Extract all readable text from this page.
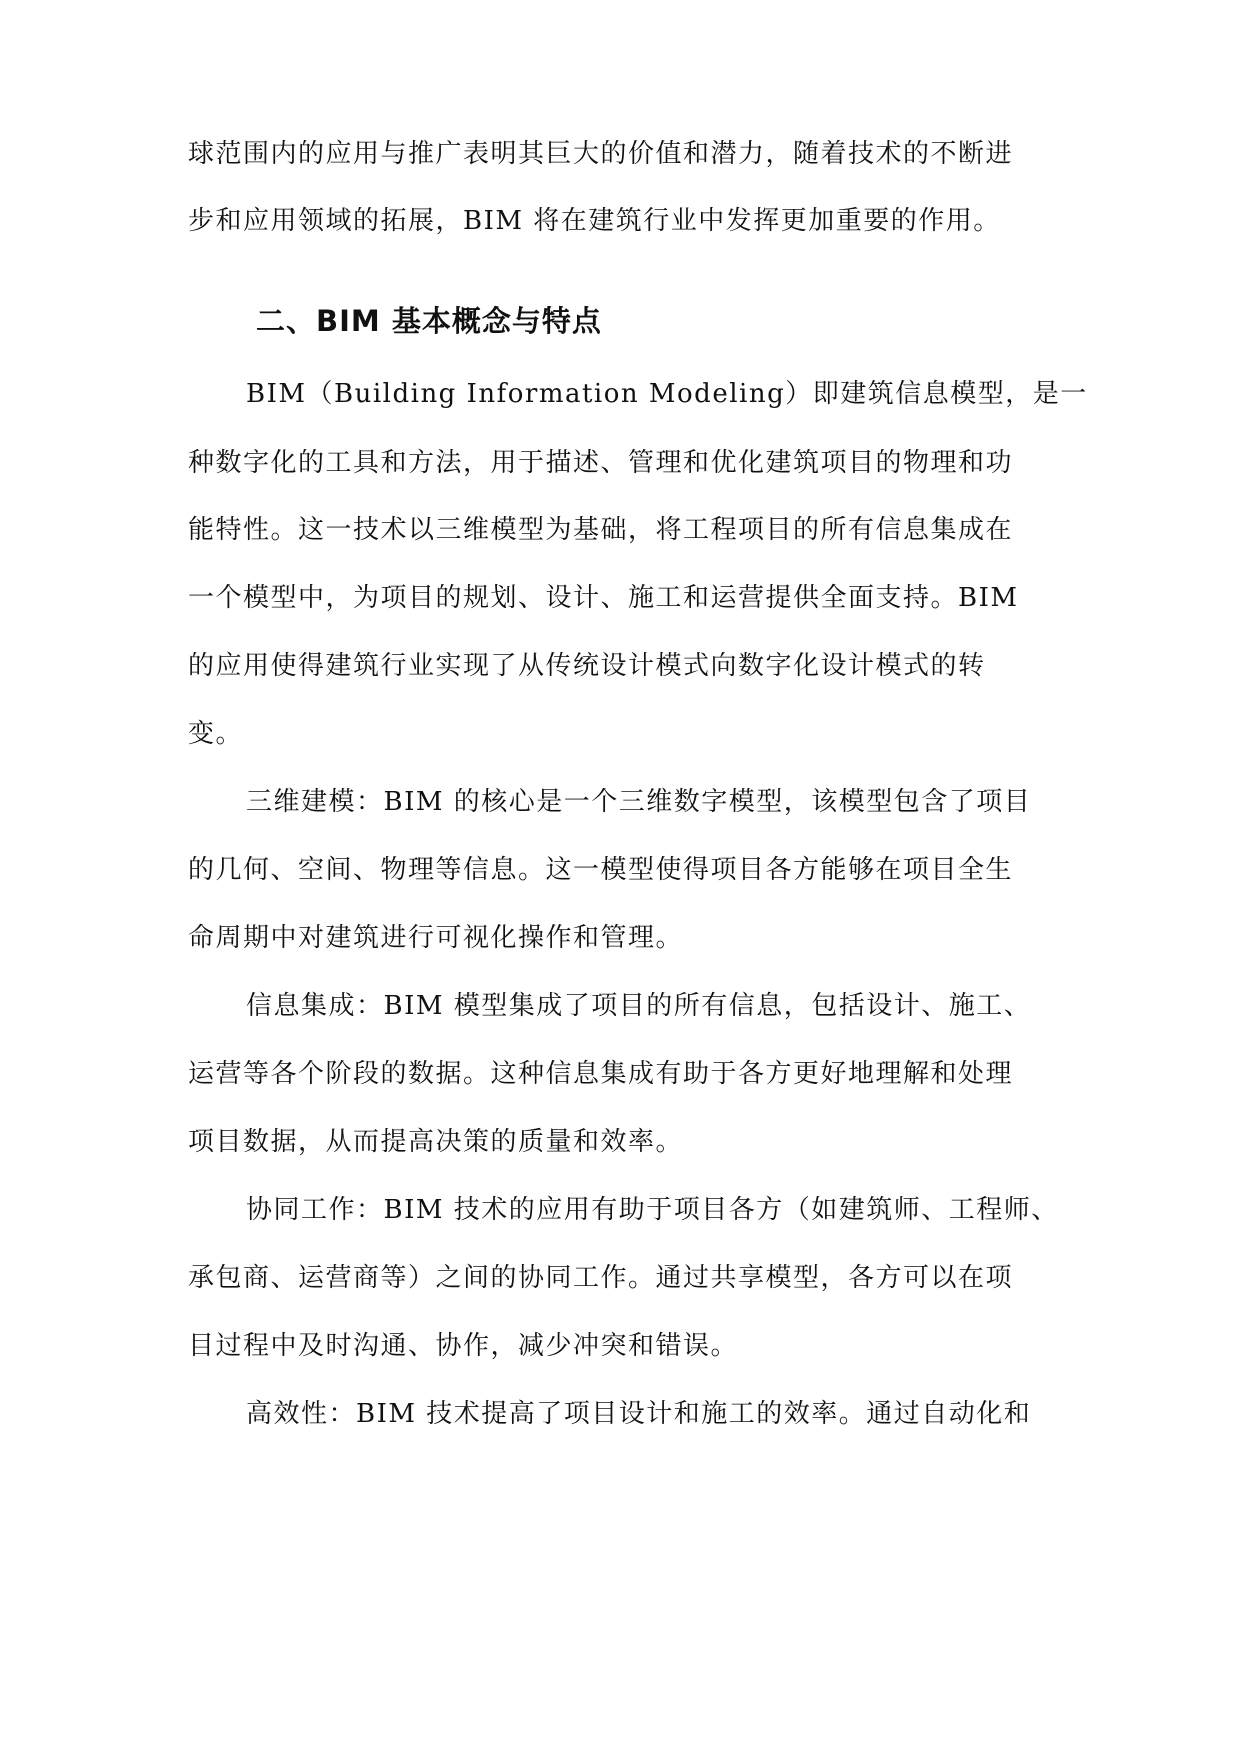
球范围内的应用与推广表明其巨大的价值和潜力，随着技术的不断进
步和应用领域的拓展，BIM 将在建筑行业中发挥更加重要的作用。
二、BIM 基本概念与特点
BIM（Building Information Modeling）即建筑信息模型，是一
种数字化的工具和方法，用于描述、管理和优化建筑项目的物理和功
能特性。这一技术以三维模型为基础，将工程项目的所有信息集成在
一个模型中，为项目的规划、设计、施工和运营提供全面支持。BIM
的应用使得建筑行业实现了从传统设计模式向数字化设计模式的转
变。
三维建模：BIM 的核心是一个三维数字模型，该模型包含了项目
的几何、空间、物理等信息。这一模型使得项目各方能够在项目全生
命周期中对建筑进行可视化操作和管理。
信息集成：BIM 模型集成了项目的所有信息，包括设计、施工、
运营等各个阶段的数据。这种信息集成有助于各方更好地理解和处理
项目数据，从而提高决策的质量和效率。
协同工作：BIM 技术的应用有助于项目各方（如建筑师、工程师、
承包商、运营商等）之间的协同工作。通过共享模型，各方可以在项
目过程中及时沟通、协作，减少冲突和错误。
高效性：BIM 技术提高了项目设计和施工的效率。通过自动化和
